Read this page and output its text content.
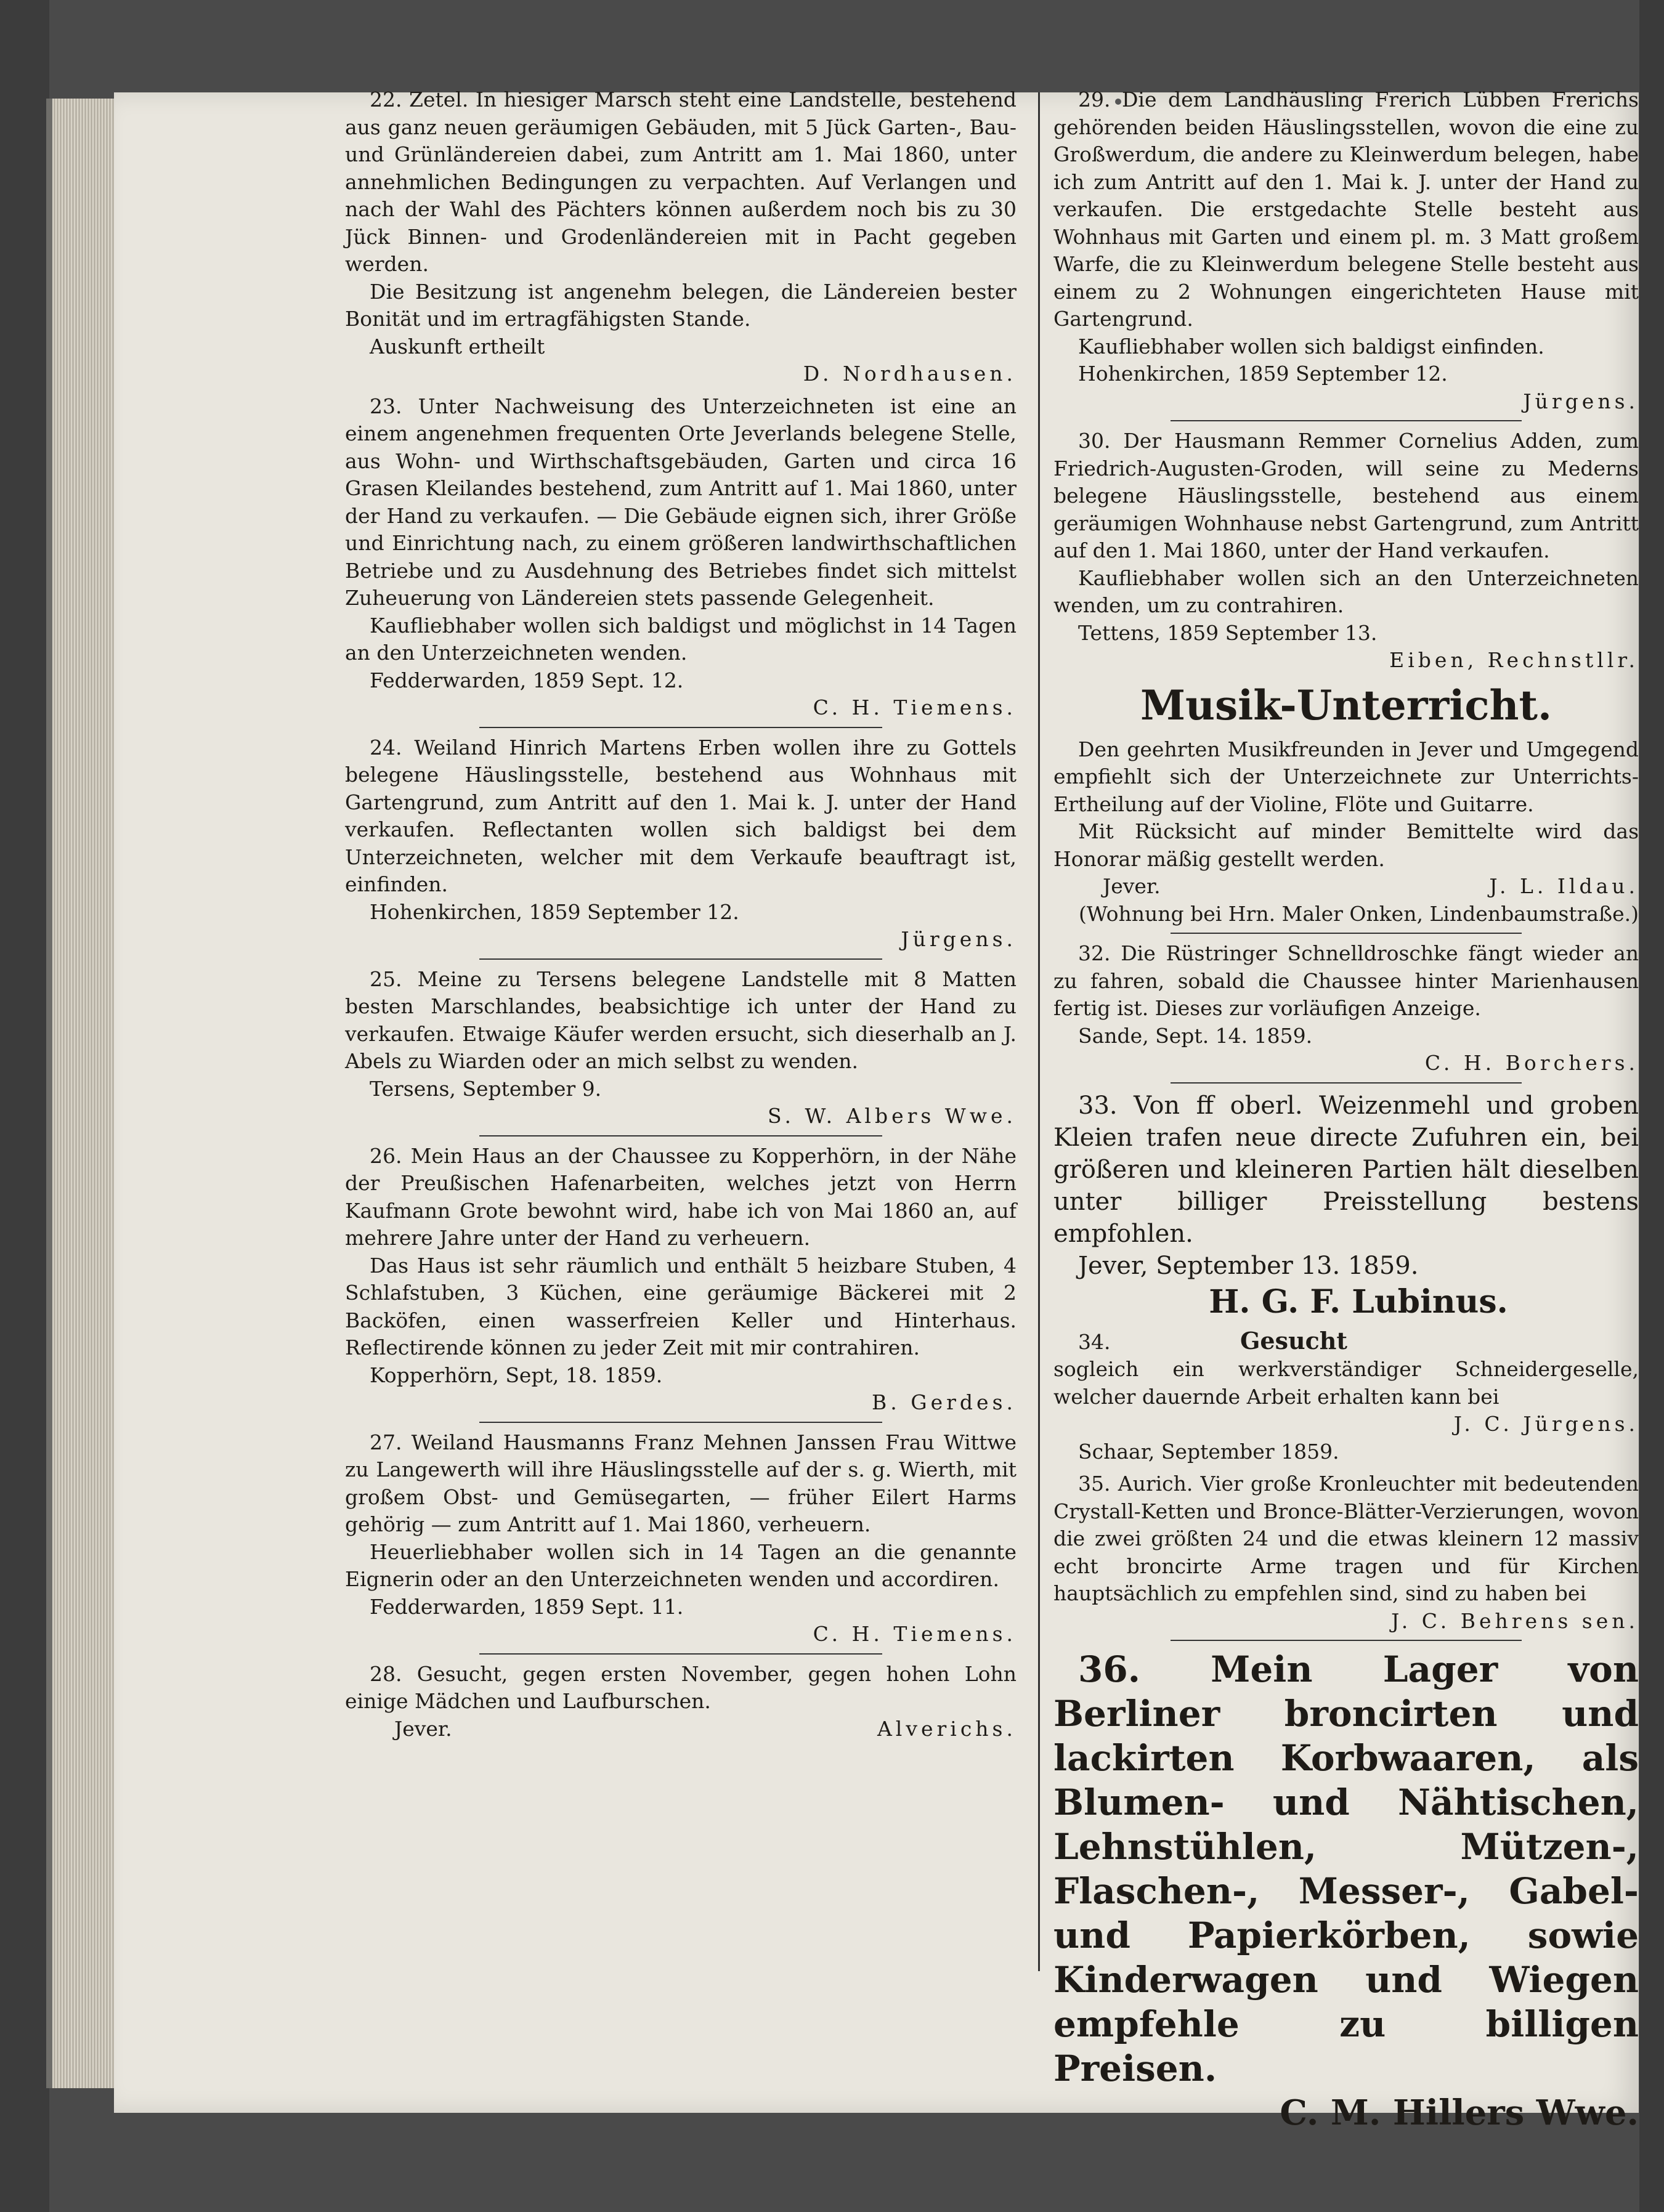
22. Zetel. In hiesiger Marsch steht eine Landstelle, bestehend aus ganz neuen geräumigen Gebäuden, mit 5 Jück Garten-, Bau- und Grünländereien dabei, zum Antritt am 1. Mai 1860, unter annehmlichen Bedingungen zu verpachten. Auf Verlangen und nach der Wahl des Pächters können außerdem noch bis zu 30 Jück Binnen- und Grodenländereien mit in Pacht gegeben werden.

Die Besitzung ist angenehm belegen, die Ländereien bester Bonität und im ertragfähigsten Stande.

Auskunft ertheilt

D. Nordhausen.

23. Unter Nachweisung des Unterzeichneten ist eine an einem angenehmen frequenten Orte Jeverlands belegene Stelle, aus Wohn- und Wirthschaftsgebäuden, Garten und circa 16 Grasen Kleilandes bestehend, zum Antritt auf 1. Mai 1860, unter der Hand zu verkaufen. — Die Gebäude eignen sich, ihrer Größe und Einrichtung nach, zu einem größeren landwirthschaftlichen Betriebe und zu Ausdehnung des Betriebes findet sich mittelst Zuheuerung von Ländereien stets passende Gelegenheit.

Kaufliebhaber wollen sich baldigst und möglichst in 14 Tagen an den Unterzeichneten wenden.

Fedderwarden, 1859 Sept. 12.

C. H. Tiemens.

24. Weiland Hinrich Martens Erben wollen ihre zu Gottels belegene Häuslingsstelle, bestehend aus Wohnhaus mit Gartengrund, zum Antritt auf den 1. Mai k. J. unter der Hand verkaufen. Reflectanten wollen sich baldigst bei dem Unterzeichneten, welcher mit dem Verkaufe beauftragt ist, einfinden.

Hohenkirchen, 1859 September 12.

Jürgens.

25. Meine zu Tersens belegene Landstelle mit 8 Matten besten Marschlandes, beabsichtige ich unter der Hand zu verkaufen. Etwaige Käufer werden ersucht, sich dieserhalb an J. Abels zu Wiarden oder an mich selbst zu wenden.

Tersens, September 9.

S. W. Albers Wwe.

26. Mein Haus an der Chaussee zu Kopperhörn, in der Nähe der Preußischen Hafenarbeiten, welches jetzt von Herrn Kaufmann Grote bewohnt wird, habe ich von Mai 1860 an, auf mehrere Jahre unter der Hand zu verheuern.

Das Haus ist sehr räumlich und enthält 5 heizbare Stuben, 4 Schlafstuben, 3 Küchen, eine geräumige Bäckerei mit 2 Backöfen, einen wasserfreien Keller und Hinterhaus. Reflectirende können zu jeder Zeit mit mir contrahiren.

Kopperhörn, Sept, 18. 1859.

B. Gerdes.

27. Weiland Hausmanns Franz Mehnen Janssen Frau Wittwe zu Langewerth will ihre Häuslingsstelle auf der s. g. Wierth, mit großem Obst- und Gemüsegarten, — früher Eilert Harms gehörig — zum Antritt auf 1. Mai 1860, verheuern.

Heuerliebhaber wollen sich in 14 Tagen an die genannte Eignerin oder an den Unterzeichneten wenden und accordiren.

Fedderwarden, 1859 Sept. 11.

C. H. Tiemens.

28. Gesucht, gegen ersten November, gegen hohen Lohn einige Mädchen und Laufburschen.

Jever.	Alverichs.

29. Die dem Landhäusling Frerich Lübben Frerichs gehörenden beiden Häuslingsstellen, wovon die eine zu Großwerdum, die andere zu Kleinwerdum belegen, habe ich zum Antritt auf den 1. Mai k. J. unter der Hand zu verkaufen. Die erstgedachte Stelle besteht aus Wohnhaus mit Garten und einem pl. m. 3 Matt großem Warfe, die zu Kleinwerdum belegene Stelle besteht aus einem zu 2 Wohnungen eingerichteten Hause mit Gartengrund.

Kaufliebhaber wollen sich baldigst einfinden.

Hohenkirchen, 1859 September 12.

Jürgens.

30. Der Hausmann Remmer Cornelius Adden, zum Friedrich-Augusten-Groden, will seine zu Mederns belegene Häuslingsstelle, bestehend aus einem geräumigen Wohnhause nebst Gartengrund, zum Antritt auf den 1. Mai 1860, unter der Hand verkaufen.

Kaufliebhaber wollen sich an den Unterzeichneten wenden, um zu contrahiren.

Tettens, 1859 September 13.

Eiben, Rechnstllr.

Musik-Unterricht.

Den geehrten Musikfreunden in Jever und Umgegend empfiehlt sich der Unterzeichnete zur Unterrichts-Ertheilung auf der Violine, Flöte und Guitarre.

Mit Rücksicht auf minder Bemittelte wird das Honorar mäßig gestellt werden.

Jever.	J. L. Ildau.

(Wohnung bei Hrn. Maler Onken, Lindenbaumstraße.)

32. Die Rüstringer Schnelldroschke fängt wieder an zu fahren, sobald die Chaussee hinter Marienhausen fertig ist. Dieses zur vorläufigen Anzeige.

Sande, Sept. 14. 1859.

C. H. Borchers.

33. Von ff oberl. Weizenmehl und groben Kleien trafen neue directe Zufuhren ein, bei größeren und kleineren Partien hält dieselben unter billiger Preisstellung bestens empfohlen.

Jever, September 13. 1859.

H. G. F. Lubinus.

34.	Gesucht

sogleich ein werkverständiger Schneidergeselle, welcher dauernde Arbeit erhalten kann bei

J. C. Jürgens.

Schaar, September 1859.

35. Aurich. Vier große Kronleuchter mit bedeutenden Crystall-Ketten und Bronce-Blätter-Verzierungen, wovon die zwei größten 24 und die etwas kleinern 12 massiv echt broncirte Arme tragen und für Kirchen hauptsächlich zu empfehlen sind, sind zu haben bei

J. C. Behrens sen.

36. Mein Lager von Berliner broncirten und lackirten Korbwaaren, als Blumen- und Nähtischen, Lehnstühlen, Mützen-, Flaschen-, Messer-, Gabel- und Papierkörben, sowie Kinderwagen und Wiegen empfehle zu billigen Preisen.

C. M. Hillers Wwe.
